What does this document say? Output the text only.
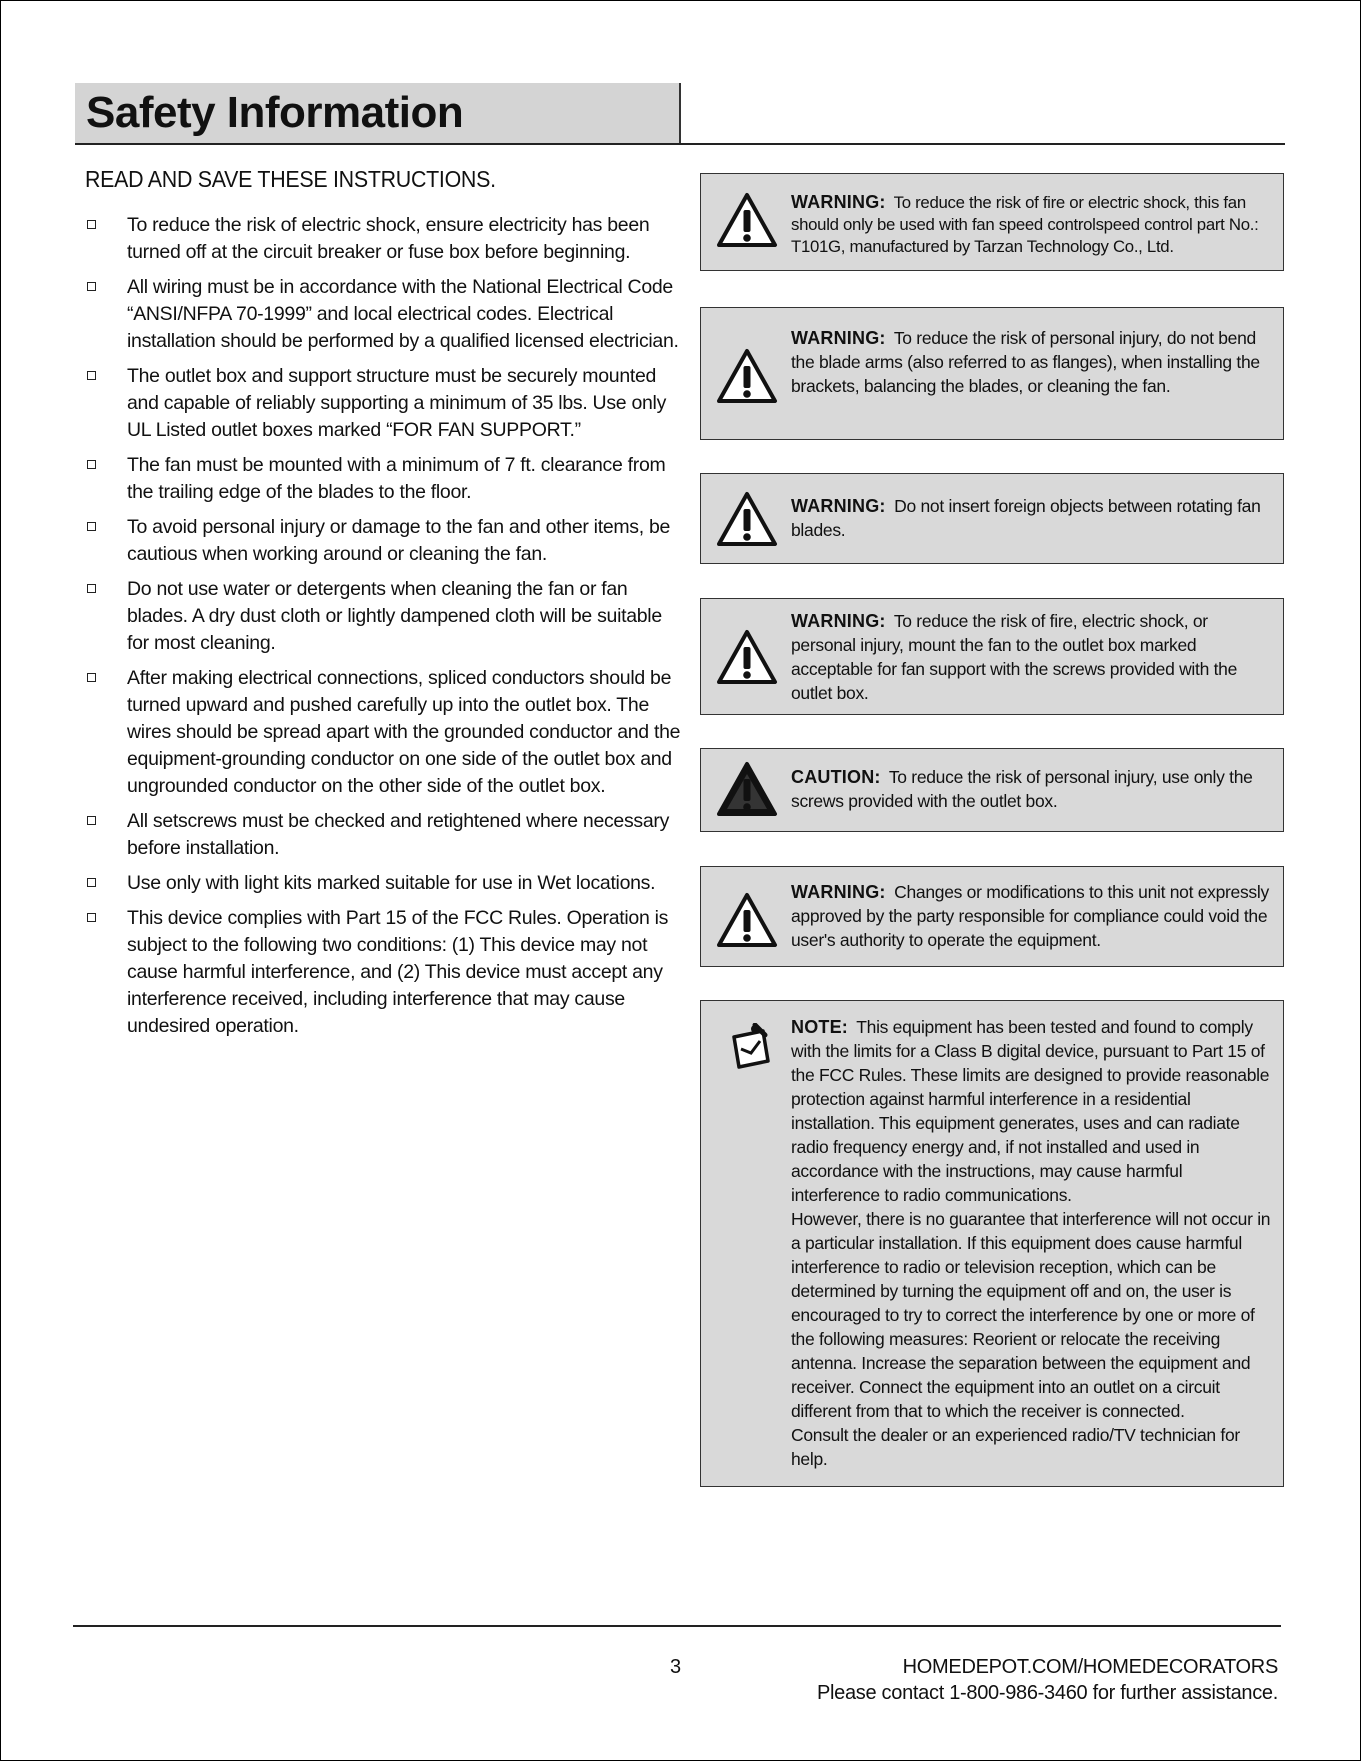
Safety Information
READ AND SAVE THESE INSTRUCTIONS.
To reduce the risk of electric shock, ensure electricity has been turned off at the circuit breaker or fuse box before beginning.
All wiring must be in accordance with the National Electrical Code “ANSI/NFPA 70-1999” and local electrical codes. Electrical installation should be performed by a qualified licensed electrician.
The outlet box and support structure must be securely mounted and capable of reliably supporting a minimum of 35 lbs. Use only UL Listed outlet boxes marked “FOR FAN SUPPORT.”
The fan must be mounted with a minimum of 7 ft. clearance from the trailing edge of the blades to the floor.
To avoid personal injury or damage to the fan and other items, be cautious when working around or cleaning the fan.
Do not use water or detergents when cleaning the fan or fan blades. A dry dust cloth or lightly dampened cloth will be suitable for most cleaning.
After making electrical connections, spliced conductors should be turned upward and pushed carefully up into the outlet box. The wires should be spread apart with the grounded conductor and the equipment-grounding conductor on one side of the outlet box and ungrounded conductor on the other side of the outlet box.
All setscrews must be checked and retightened where necessary before installation.
Use only with light kits marked suitable for use in Wet locations.
This device complies with Part 15 of the FCC Rules. Operation is subject to the following two conditions: (1) This device may not cause harmful interference, and (2) This device must accept any interference received, including interference that may cause undesired operation.
WARNING: To reduce the risk of fire or electric shock, this fan should only be used with fan speed controlspeed control part No.: T101G, manufactured by Tarzan Technology Co., Ltd.
WARNING: To reduce the risk of personal injury, do not bend the blade arms (also referred to as flanges), when installing the brackets, balancing the blades, or cleaning the fan.
WARNING: Do not insert foreign objects between rotating fan blades.
WARNING: To reduce the risk of fire, electric shock, or personal injury, mount the fan to the outlet box marked acceptable for fan support with the screws provided with the outlet box.
CAUTION: To reduce the risk of personal injury, use only the screws provided with the outlet box.
WARNING: Changes or modifications to this unit not expressly approved by the party responsible for compliance could void the user's authority to operate the equipment.
NOTE: This equipment has been tested and found to comply with the limits for a Class B digital device, pursuant to Part 15 of the FCC Rules. These limits are designed to provide reasonable protection against harmful interference in a residential installation. This equipment generates, uses and can radiate radio frequency energy and, if not installed and used in accordance with the instructions, may cause harmful interference to radio communications.
However, there is no guarantee that interference will not occur in a particular installation. If this equipment does cause harmful interference to radio or television reception, which can be determined by turning the equipment off and on, the user is encouraged to try to correct the interference by one or more of the following measures: Reorient or relocate the receiving antenna. Increase the separation between the equipment and receiver. Connect the equipment into an outlet on a circuit different from that to which the receiver is connected.
Consult the dealer or an experienced radio/TV technician for help.
3	HOMEDEPOT.COM/HOMEDECORATORS
Please contact 1-800-986-3460 for further assistance.
